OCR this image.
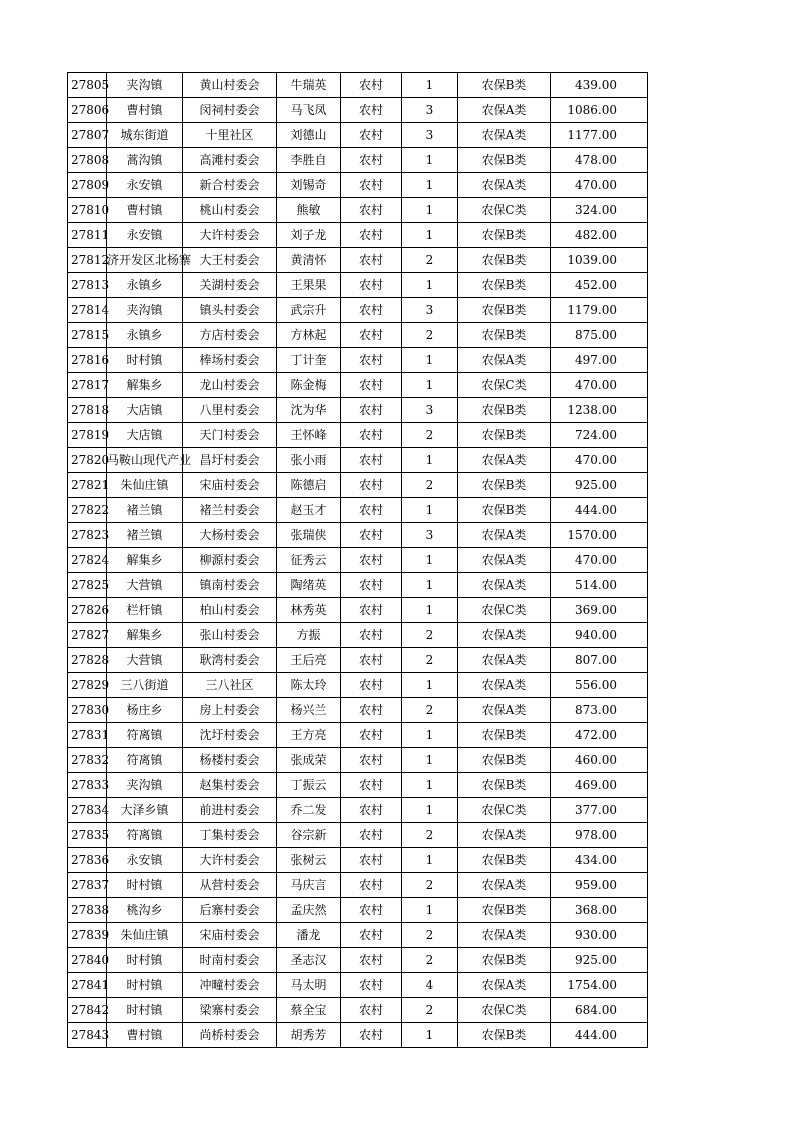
27805	夹沟镇	黄山村委会	牛瑞英	农村	1	农保B类	439.00
27806	曹村镇	闵祠村委会	马飞凤	农村	3	农保A类	1086.00
27807	城东街道	十里社区	刘德山	农村	3	农保A类	1177.00
27808	蒿沟镇	高滩村委会	李胜自	农村	1	农保B类	478.00
27809	永安镇	新合村委会	刘锡奇	农村	1	农保A类	470.00
27810	曹村镇	桃山村委会	熊敏	农村	1	农保C类	324.00
27811	永安镇	大许村委会	刘子龙	农村	1	农保B类	482.00
27812	济开发区北杨寨	大王村委会	黄清怀	农村	2	农保B类	1039.00
27813	永镇乡	关湖村委会	王果果	农村	1	农保B类	452.00
27814	夹沟镇	镇头村委会	武宗升	农村	3	农保B类	1179.00
27815	永镇乡	方店村委会	方林起	农村	2	农保B类	875.00
27816	时村镇	棒场村委会	丁计奎	农村	1	农保A类	497.00
27817	解集乡	龙山村委会	陈金梅	农村	1	农保C类	470.00
27818	大店镇	八里村委会	沈为华	农村	3	农保B类	1238.00
27819	大店镇	天门村委会	王怀峰	农村	2	农保B类	724.00
27820	马鞍山现代产业	昌圩村委会	张小雨	农村	1	农保A类	470.00
27821	朱仙庄镇	宋庙村委会	陈德启	农村	2	农保B类	925.00
27822	褚兰镇	褚兰村委会	赵玉才	农村	1	农保B类	444.00
27823	褚兰镇	大杨村委会	张瑞侠	农村	3	农保A类	1570.00
27824	解集乡	柳源村委会	征秀云	农村	1	农保A类	470.00
27825	大营镇	镇南村委会	陶绪英	农村	1	农保A类	514.00
27826	栏杆镇	柏山村委会	林秀英	农村	1	农保C类	369.00
27827	解集乡	张山村委会	方振	农村	2	农保A类	940.00
27828	大营镇	耿湾村委会	王后亮	农村	2	农保A类	807.00
27829	三八街道	三八社区	陈太玲	农村	1	农保A类	556.00
27830	杨庄乡	房上村委会	杨兴兰	农村	2	农保A类	873.00
27831	符离镇	沈圩村委会	王方亮	农村	1	农保B类	472.00
27832	符离镇	杨楼村委会	张成荣	农村	1	农保B类	460.00
27833	夹沟镇	赵集村委会	丁振云	农村	1	农保B类	469.00
27834	大泽乡镇	前进村委会	乔二发	农村	1	农保C类	377.00
27835	符离镇	丁集村委会	谷宗新	农村	2	农保A类	978.00
27836	永安镇	大许村委会	张树云	农村	1	农保B类	434.00
27837	时村镇	从营村委会	马庆言	农村	2	农保A类	959.00
27838	桃沟乡	后寨村委会	孟庆然	农村	1	农保B类	368.00
27839	朱仙庄镇	宋庙村委会	潘龙	农村	2	农保A类	930.00
27840	时村镇	时南村委会	圣志汉	农村	2	农保B类	925.00
27841	时村镇	冲疃村委会	马太明	农村	4	农保A类	1754.00
27842	时村镇	梁寨村委会	蔡全宝	农村	2	农保C类	684.00
27843	曹村镇	尚桥村委会	胡秀芳	农村	1	农保B类	444.00
